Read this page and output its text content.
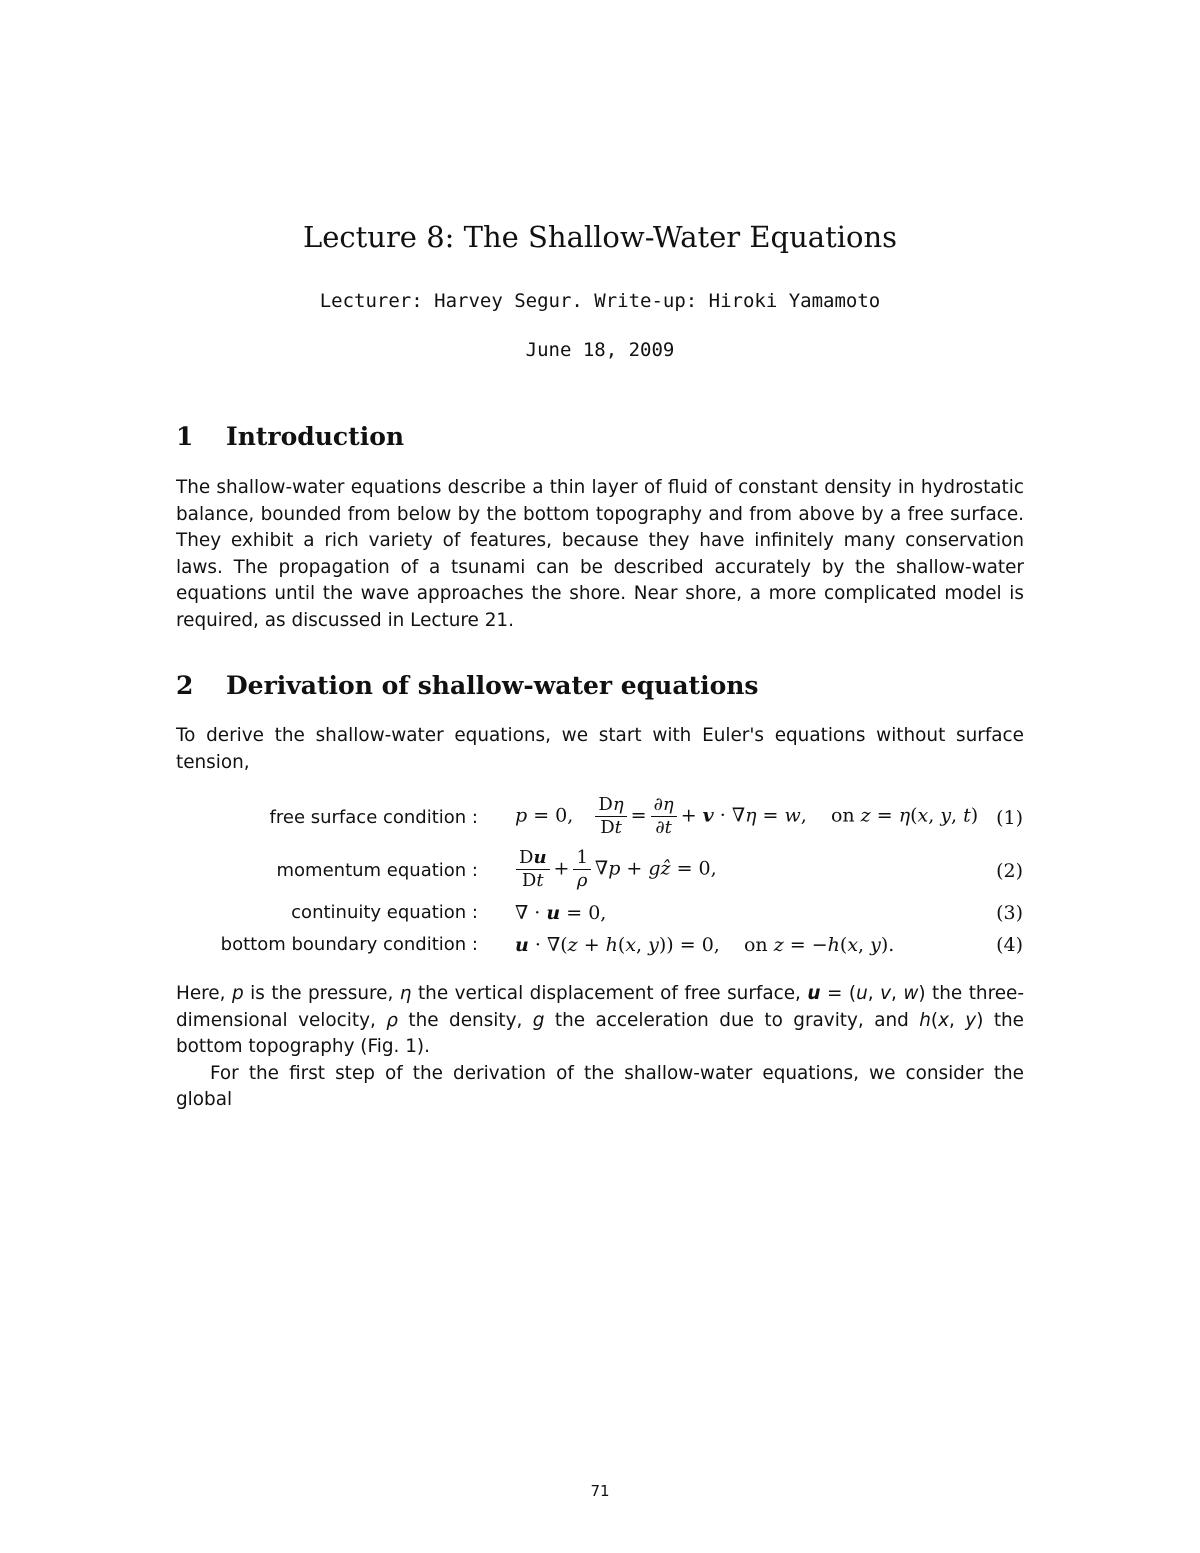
Lecture 8: The Shallow-Water Equations
Lecturer: Harvey Segur. Write-up: Hiroki Yamamoto
June 18, 2009
1 Introduction

The shallow-water equations describe a thin layer of fluid of constant density in hydrostatic balance, bounded from below by the bottom topography and from above by a free surface. They exhibit a rich variety of features, because they have infinitely many conservation laws. The propagation of a tsunami can be described accurately by the shallow-water equations until the wave approaches the shore. Near shore, a more complicated model is required, as discussed in Lecture 21.

2 Derivation of shallow-water equations

To derive the shallow-water equations, we start with Euler's equations without surface tension,

free surface condition : p = 0, $\frac{D\eta}{Dt} = \frac{\partial\eta}{\partial t} + v \cdot \nabla\eta = w$,    on z = η(x, y, t) (1)
momentum equation : $\frac{Du}{Dt} + \frac{1}{\rho} \nabla p$ + gẑ = 0,	(2)
continuity equation : ∇ · u = 0,	(3)
bottom boundary condition : u · ∇(z + h(x, y)) = 0,    on z = −h(x, y).	(4)

Here, p is the pressure, η the vertical displacement of free surface, u = (u, v, w) the three-dimensional velocity, ρ the density, g the acceleration due to gravity, and h(x, y) the bottom topography (Fig. 1).
For the first step of the derivation of the shallow-water equations, we consider the global

71
